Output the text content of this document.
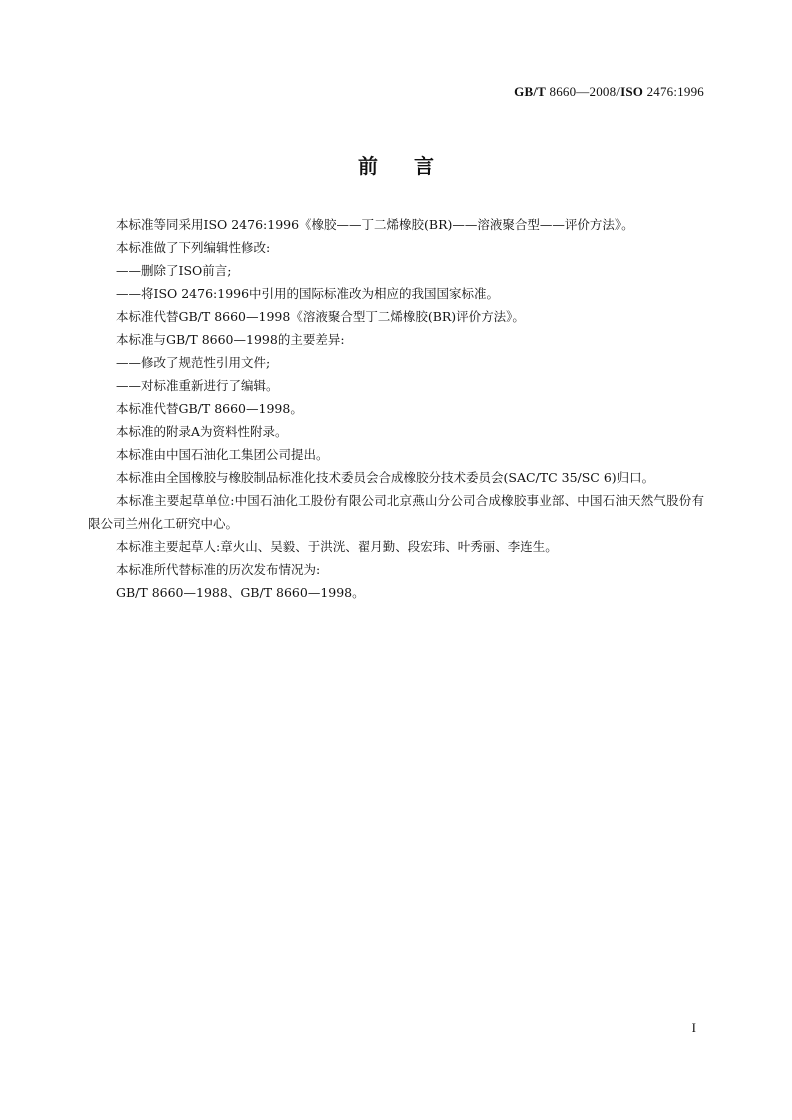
GB/T 8660—2008/ISO 2476:1996
前言

本标准等同采用ISO 2476:1996《橡胶——丁二烯橡胶(BR)——溶液聚合型——评价方法》。

本标准做了下列编辑性修改:

——删除了ISO前言;

——将ISO 2476:1996中引用的国际标准改为相应的我国国家标准。

本标准代替GB/T 8660—1998《溶液聚合型丁二烯橡胶(BR)评价方法》。

本标准与GB/T 8660—1998的主要差异:

——修改了规范性引用文件;

——对标准重新进行了编辑。

本标准代替GB/T 8660—1998。

本标准的附录A为资料性附录。

本标准由中国石油化工集团公司提出。

本标准由全国橡胶与橡胶制品标准化技术委员会合成橡胶分技术委员会(SAC/TC 35/SC 6)归口。

本标准主要起草单位:中国石油化工股份有限公司北京燕山分公司合成橡胶事业部、中国石油天然气股份有限公司兰州化工研究中心。

本标准主要起草人:章火山、吴毅、于洪洸、翟月勤、段宏玮、叶秀丽、李连生。

本标准所代替标准的历次发布情况为:

GB/T 8660—1988、GB/T 8660—1998。

I
